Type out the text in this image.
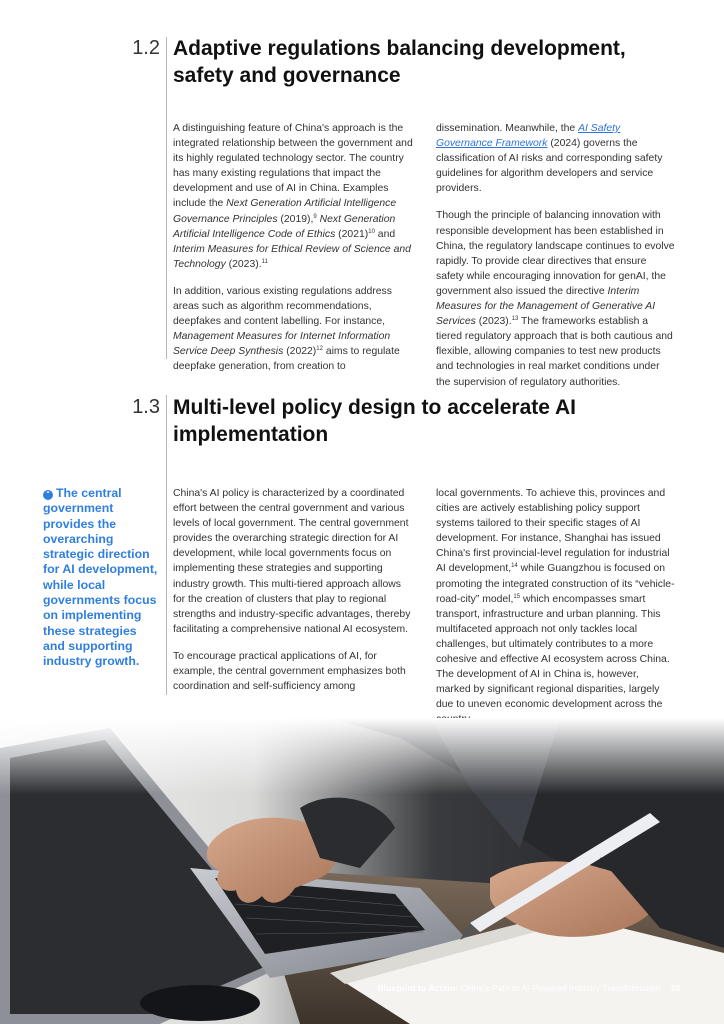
1.2 Adaptive regulations balancing development, safety and governance

A distinguishing feature of China's approach is the integrated relationship between the government and its highly regulated technology sector. The country has many existing regulations that impact the development and use of AI in China. Examples include the Next Generation Artificial Intelligence Governance Principles (2019),$^9$ Next Generation Artificial Intelligence Code of Ethics $(2021)^{10}$ and Interim Measures for Ethical Review of Science and Technology (2023).$^{11}$

In addition, various existing regulations address areas such as algorithm recommendations, deepfakes and content labelling. For instance, Management Measures for Internet Information Service Deep Synthesis $(2022)^{12}$ aims to regulate deepfake generation, from creation to

dissemination. Meanwhile, the AI Safety Governance Framework (2024) governs the classification of AI risks and corresponding safety guidelines for algorithm developers and service providers.

Though the principle of balancing innovation with responsible development has been established in China, the regulatory landscape continues to evolve rapidly. To provide clear directives that ensure safety while encouraging innovation for genAI, the government also issued the directive Interim Measures for the Management of Generative AI Services (2023).$^{13}$ The frameworks establish a tiered regulatory approach that is both cautious and flexible, allowing companies to test new products and technologies in real market conditions under the supervision of regulatory authorities.

1.3 Multi-level policy design to accelerate AI implementation
“ The central government provides the overarching strategic direction for AI development, while local governments focus on implementing these strategies and supporting industry growth.

China's AI policy is characterized by a coordinated effort between the central government and various levels of local government. The central government provides the overarching strategic direction for AI development, while local governments focus on implementing these strategies and supporting industry growth. This multi-tiered approach allows for the creation of clusters that play to regional strengths and industry-specific advantages, thereby facilitating a comprehensive national AI ecosystem.

To encourage practical applications of AI, for example, the central government emphasizes both coordination and self-sufficiency among

local governments. To achieve this, provinces and cities are actively establishing policy support systems tailored to their specific stages of AI development. For instance, Shanghai has issued China's first provincial-level regulation for industrial AI development,$^{14}$ while Guangzhou is focused on promoting the integrated construction of its “vehicle-road-city” model,$^{15}$ which encompasses smart transport, infrastructure and urban planning. This multifaceted approach not only tackles local challenges, but ultimately contributes to a more cohesive and effective AI ecosystem across China. The development of AI in China is, however, marked by significant regional disparities, largely due to uneven economic development across the

Blueprint to Action: China's Path to AI-Powered Industry Transformation 10
